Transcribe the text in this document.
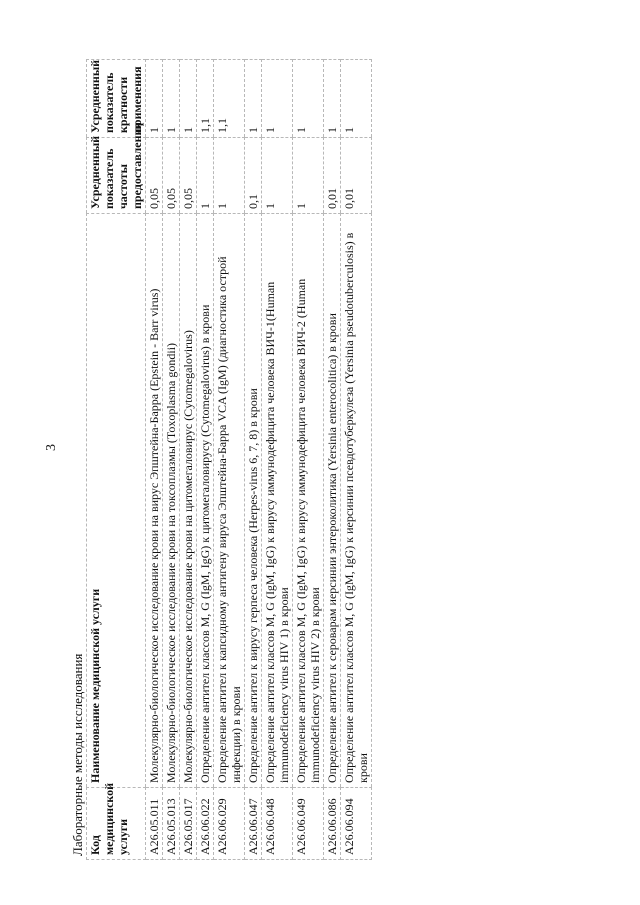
3
Лабораторные методы исследования Код медицинской услуги	Наименование медицинской услуги	Усредненный показатель частоты предоставления	Усредненный показатель кратности применения
A26.05.011	Молекулярно-биологическое исследование крови на вирус Эпштейна-Барра (Epstein - Barr virus)	0,05	1
A26.05.013	Молекулярно-биологическое исследование крови на токсоплазмы (Toxoplasma gondii)	0,05	1
A26.05.017	Молекулярно-биологическое исследование крови на цитомегаловирус (Cytomegalovirus)	0,05	1
A26.06.022	Определение антител классов M, G (IgM, IgG) к цитомегаловирусу (Cytomegalovirus) в крови	1	1,1
A26.06.029	Определение антител к капсидному антигену вируса Эпштейна-Барра VCA (IgM) (диагностика острой инфекции) в крови	1	1,1
A26.06.047	Определение антител к вирусу герпеса человека (Herpes-virus 6, 7, 8) в крови	0,1	1
A26.06.048	Определение антител классов M, G (IgM, IgG) к вирусу иммунодефицита человека ВИЧ-1(Human immunodeficiency virus HIV 1) в крови	1	1
A26.06.049	Определение антител классов M, G (IgM, IgG) к вирусу иммунодефицита человека ВИЧ-2 (Human immunodeficiency virus HIV 2) в крови	1	1
A26.06.086	Определение антител к сероварам иерсинии энтероколитика (Yersinia enterocolitica) в крови	0,01	1
A26.06.094	Определение антител классов M, G (IgM, IgG) к иерсинии псевдотуберкулеза (Yersinia pseudotuberculosis) в крови	0,01	1
